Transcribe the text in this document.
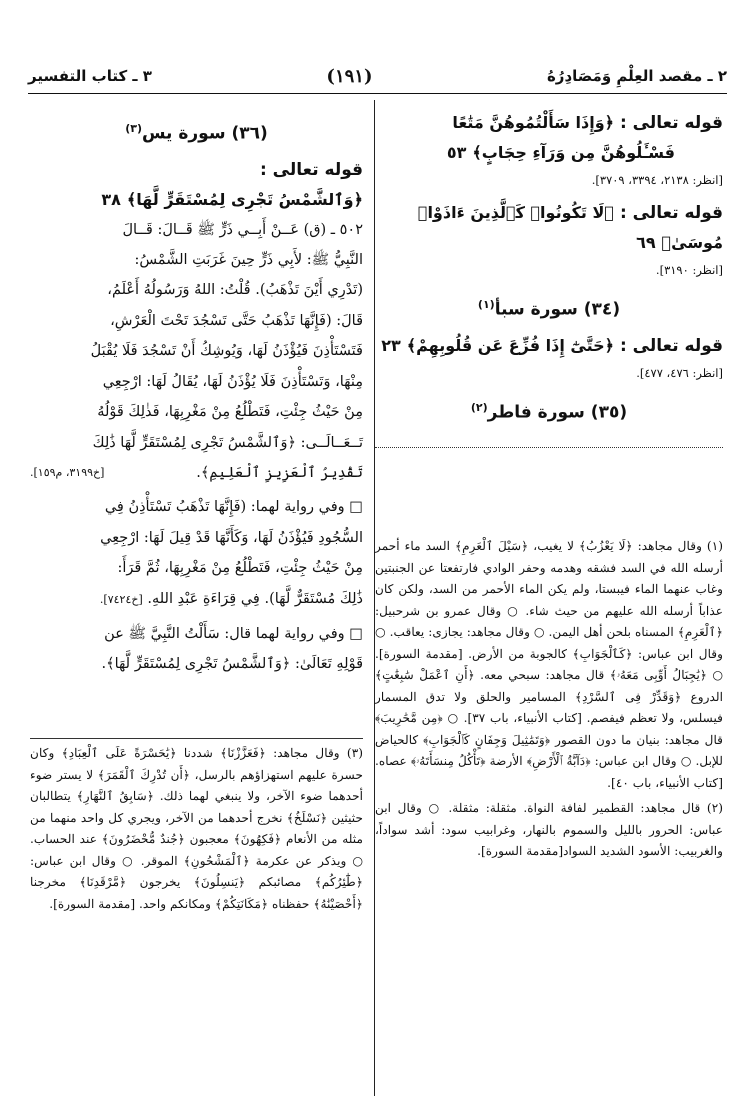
٢ ـ مقصد العِلْمِ وَمَصَادِرُهُ
(١٩١)
٣ ـ كتاب التفسير
قوله تعالى : ﴿وَإِذَا سَأَلْتُمُوهُنَّ مَتَٰعًا
فَسْـَٔلُوهُنَّ مِن وَرَآءِ حِجَابٍ﴾ ٥٣
[انظر: ٢١٣٨، ٣٣٩٤، ٣٧٠٩].
قوله تعالى : ﴿لَا تَكُونُوا۟ كَٱلَّذِينَ ءَاذَوْا۟ مُوسَىٰ﴾ ٦٩
[انظر: ٣١٩٠].
(٣٤) سورة سبأ$^{(١)}$
قوله تعالى : ﴿حَتَّىٰٓ إِذَا فُزِّعَ عَن قُلُوبِهِمْ﴾ ٢٣
[انظر: ٤٧٦، ٤٧٧].
(٣٥) سورة فاطر$^{(٢)}$

(١) وقال مجاهد: ﴿لَا يَعْزُبُ﴾ لا يغيب، ﴿سَيْلَ ٱلْعَرِمِ﴾ السد ماء أحمر أرسله الله في السد فشقه وهدمه وحفر الوادي فارتفعتا عن الجنبتين وغاب عنهما الماء فيبستا، ولم يكن الماء الأحمر من السد، ولكن كان عذاباً أرسله الله عليهم من حيث شاء. ○ وقال عمرو بن شرحبيل: ﴿ٱلْعَرِمِ﴾ المسناه بلحن أهل اليمن. ○ وقال مجاهد: يجازى: يعاقب. ○ وقال ابن عباس: ﴿كَٱلْجَوَابِ﴾ كالجوبة من الأرض. [مقدمة السورة]. ○ ﴿يَٰجِبَالُ أَوِّبِى مَعَهُۥ﴾ قال مجاهد: سبحي معه. ﴿أَنِ ٱعْمَلْ سَٰبِغَٰتٍ﴾ الدروع ﴿وَقَدِّرْ فِى ٱلسَّرْدِ﴾ المسامير والحلق ولا تدق المسمار فيسلس، ولا تعظم فيفصم. [كتاب الأنبياء، باب ٣٧]. ○ ﴿مِن مَّحَٰرِيبَ﴾ قال مجاهد: بنيان ما دون القصور ﴿وَتَمَٰثِيلَ وَجِفَانٍ كَٱلْجَوَابِ﴾ كالحياض للإبل. ○ وقال ابن عباس: ﴿دَآبَّةُ ٱلْأَرْضِ﴾ الأرضة ﴿تَأْكُلُ مِنسَأَتَهُۥ﴾ عصاه. [كتاب الأنبياء، باب ٤٠].

(٢) قال مجاهد: القطمير لفافة النواة. مثقلة: مثقلة. ○ وقال ابن عباس: الحرور بالليل والسموم بالنهار، وغرابيب سود: أشد سواداً، والغربيب: الأسود الشديد السواد[مقدمة السورة].

(٣٦) سورة يس$^{(٣)}$
قوله تعالى :
﴿وَٱلشَّمْسُ تَجْرِى لِمُسْتَقَرٍّ لَّهَا﴾ ٣٨

٥٠٢ ـ (ق) عَــنْ أَبِــي ذَرٍّ ﷺ قَــالَ: قَــالَ

النَّبِيُّ ﷺ: لأَبِي ذَرٍّ حِينَ غَرَبَتِ الشَّمْسُ:

(تَدْرِي أَيْنَ تَذْهَبُ). قُلْتُ: اللهُ وَرَسُولُهُ أَعْلَمُ،

قَالَ: (فَإِنَّهَا تَذْهَبُ حَتَّى تَسْجُدَ تَحْتَ الْعَرْشِ،

فَتَسْتَأْذِنَ فَيُؤْذَنُ لَهَا، وَيُوشِكُ أَنْ تَسْجُدَ فَلَا يُقْبَلُ

مِنْهَا، وَتَسْتَأْذِنَ فَلَا يُؤْذَنُ لَهَا، يُقَالُ لَهَا: ارْجِعِي

مِنْ حَيْثُ جِئْتِ، فَتَطْلُعُ مِنْ مَغْرِبِهَا، فَذٰلِكَ قَوْلُهُ

تَــعَــالَــى: ﴿وَٱلشَّمْسُ تَجْرِى لِمُسْتَقَرٍّ لَّهَا ذَٰلِكَ

تَقْدِيرُ ٱلْعَزِيزِ ٱلْعَلِيمِ﴾.
[خ٣١٩٩، م١٥٩].

□ وفي رواية لهما: (فَإِنَّهَا تَذْهَبُ تَسْتَأْذِنُ فِي

السُّجُودِ فَيُؤْذَنُ لَهَا، وَكَأَنَّهَا قَدْ قِيلَ لَهَا: ارْجِعِي

مِنْ حَيْثُ جِئْتِ، فَتَطْلُعُ مِنْ مَغْرِبِهَا، ثُمَّ قَرَأَ:

ذَٰلِكَ مُسْتَقَرٌّ لَّهَا). فِي قِرَاءَةِ عَبْدِ اللهِ. [خ٧٤٢٤].

□ وفي رواية لهما قال: سَأَلْتُ النَّبِيَّ ﷺ عن

قَوْلِهِ تَعَالَىٰ: ﴿وَٱلشَّمْسُ تَجْرِى لِمُسْتَقَرٍّ لَّهَا﴾.

(٣) وقال مجاهد: ﴿فَعَزَّزْنَا﴾ شددنا ﴿يَٰحَسْرَةً عَلَى ٱلْعِبَادِ﴾ وكان حسرة عليهم استهزاؤهم بالرسل، ﴿أَن تُدْرِكَ ٱلْقَمَرَ﴾ لا يستر ضوء أحدهما ضوء الآخر، ولا ينبغي لهما ذلك. ﴿سَابِقُ ٱلنَّهَارِ﴾ يتطالبان حثيثين ﴿نَسْلَخُ﴾ نخرج أحدهما من الآخر، ويجري كل واحد منهما من مثله من الأنعام ﴿فَكِهُونَ﴾ معجبون ﴿جُندٌ مُّحْضَرُونَ﴾ عند الحساب. ○ ويذكر عن عكرمة ﴿ٱلْمَشْحُونِ﴾ الموقر. ○ وقال ابن عباس: ﴿طَٰٓئِرُكُم﴾ مصائبكم ﴿يَنسِلُونَ﴾ يخرجون ﴿مَّرْقَدِنَا﴾ مخرجنا ﴿أَحْصَيْنَٰهُ﴾ حفظناه ﴿مَكَانَتِكُمْ﴾ ومكانكم واحد. [مقدمة السورة].
